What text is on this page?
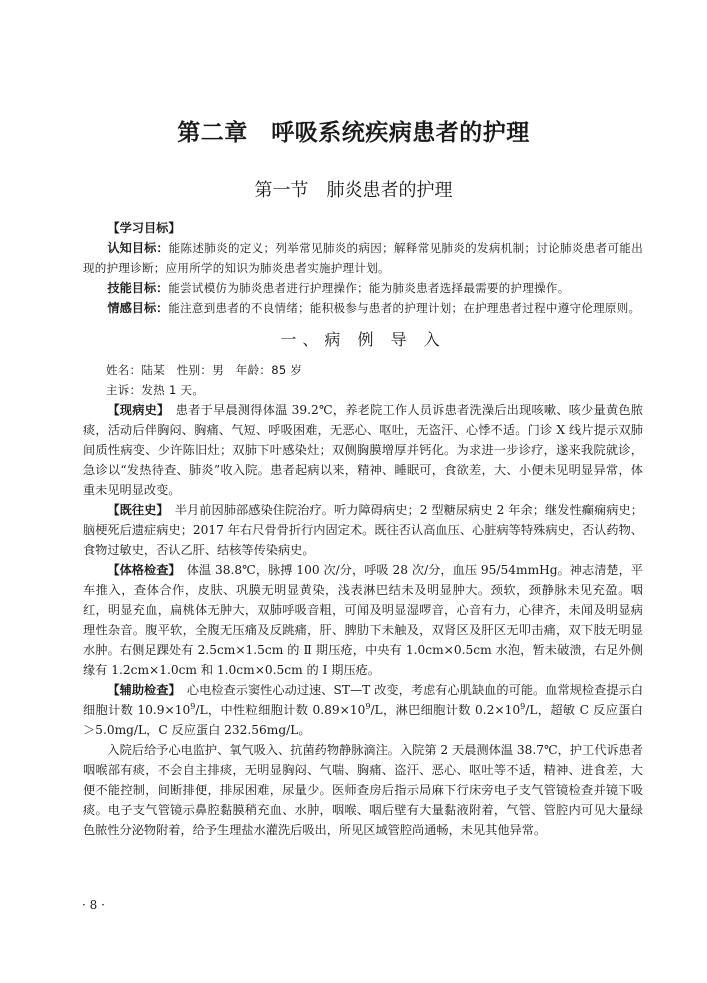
第二章　呼吸系统疾病患者的护理
第一节　肺炎患者的护理

【学习目标】

认知目标：能陈述肺炎的定义；列举常见肺炎的病因；解释常见肺炎的发病机制；讨论肺炎患者可能出现的护理诊断；应用所学的知识为肺炎患者实施护理计划。

技能目标：能尝试模仿为肺炎患者进行护理操作；能为肺炎患者选择最需要的护理操作。

情感目标：能注意到患者的不良情绪；能积极参与患者的护理计划；在护理患者过程中遵守伦理原则。

一、病 例 导 入

姓名：陆某　性别：男　年龄：85 岁

主诉：发热 1 天。

【现病史】　患者于早晨测得体温 39.2℃，养老院工作人员诉患者洗澡后出现咳嗽、咳少量黄色脓痰，活动后伴胸闷、胸痛、气短、呼吸困难，无恶心、呕吐，无盗汗、心悸不适。门诊 X 线片提示双肺间质性病变、少许陈旧灶；双肺下叶感染灶；双侧胸膜增厚并钙化。为求进一步诊疗，遂来我院就诊，急诊以“发热待查、肺炎”收入院。患者起病以来，精神、睡眠可，食欲差，大、小便未见明显异常，体重未见明显改变。

【既往史】　半月前因肺部感染住院治疗。听力障碍病史；2 型糖尿病史 2 年余；继发性癫痫病史；脑梗死后遗症病史；2017 年右尺骨骨折行内固定术。既往否认高血压、心脏病等特殊病史，否认药物、食物过敏史，否认乙肝、结核等传染病史。

【体格检查】　体温 38.8℃，脉搏 100 次/分，呼吸 28 次/分，血压 95/54mmHg。神志清楚，平车推入，查体合作，皮肤、巩膜无明显黄染，浅表淋巴结未及明显肿大。颈软，颈静脉未见充盈。咽红，明显充血，扁桃体无肿大，双肺呼吸音粗，可闻及明显湿啰音，心音有力，心律齐，未闻及明显病理性杂音。腹平软，全腹无压痛及反跳痛，肝、脾肋下未触及，双肾区及肝区无叩击痛，双下肢无明显水肿。右侧足踝处有 2.5cm×1.5cm 的 Ⅱ 期压疮，中央有 1.0cm×0.5cm 水泡，暂未破溃，右足外侧缘有 1.2cm×1.0cm 和 1.0cm×0.5cm 的 Ⅰ 期压疮。

【辅助检查】　心电检查示窦性心动过速、ST—T 改变，考虑有心肌缺血的可能。血常规检查提示白细胞计数 $10.9\times 10^9/L$，中性粒细胞计数 $0.89\times 10^9/L$，淋巴细胞计数 $0.2\times 10^9/L$，超敏 C 反应蛋白＞5.0mg/L，C 反应蛋白 232.56mg/L。

入院后给予心电监护、氧气吸入、抗菌药物静脉滴注。入院第 2 天晨测体温 38.7℃，护工代诉患者咽喉部有痰，不会自主排痰，无明显胸闷、气喘、胸痛、盗汗、恶心、呕吐等不适，精神、进食差，大便不能控制，间断排便，排尿困难，尿量少。医师查房后指示局麻下行床旁电子支气管镜检查并镜下吸痰。电子支气管镜示鼻腔黏膜稍充血、水肿，咽喉、咽后壁有大量黏液附着，气管、管腔内可见大量绿色脓性分泌物附着，给予生理盐水灌洗后吸出，所见区域管腔尚通畅，未见其他异常。

· 8 ·
